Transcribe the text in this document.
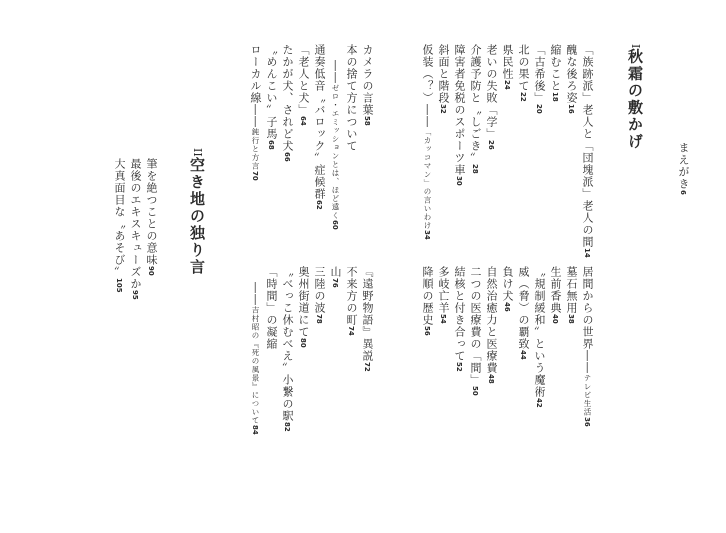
まえがき6
I秋霜の敷かげ
「族跡派」老人と「団塊派」老人の間14
醜な後ろ姿16
縮むこと18
「古希後」20
北の果て22
県民性24
老いの失敗「学」26
介護予防と〝しごき〟28
障害者免税のスポーツ車30
斜面と階段32
仮装（？）――「カッコマン」の言いわけ34
居間からの世界――テレビ生活36
墓石無用38
生前香典40
〝規制緩和〟という魔術42
威（脅）の覇致44
負け犬46
自然治癒力と医療費48
二つの医療費の「間」50
結核と付き合って52
多岐亡羊54
降順の歴史56
カメラの言葉58
本の捨て方について
――ゼロ・エミッションとは、ほど遠く60
通奏低音〝バロック〟症候群62
「老人と犬」64
たかが犬、されど犬66
〝めんこい〟子馬68
ローカル線――鈍行と方言70
『遠野物語』異説72
不来方の町74
山76
三陸の波78
奥州街道にて80
〝べっこ休むべえ〟小繋の駅82
「時間」の凝縮
――吉村昭の『死の風景』について84
II空き地の独り言
筆を絶つことの意味90
最後のエキスキューズか95
大真面目な〝あそび〟105
